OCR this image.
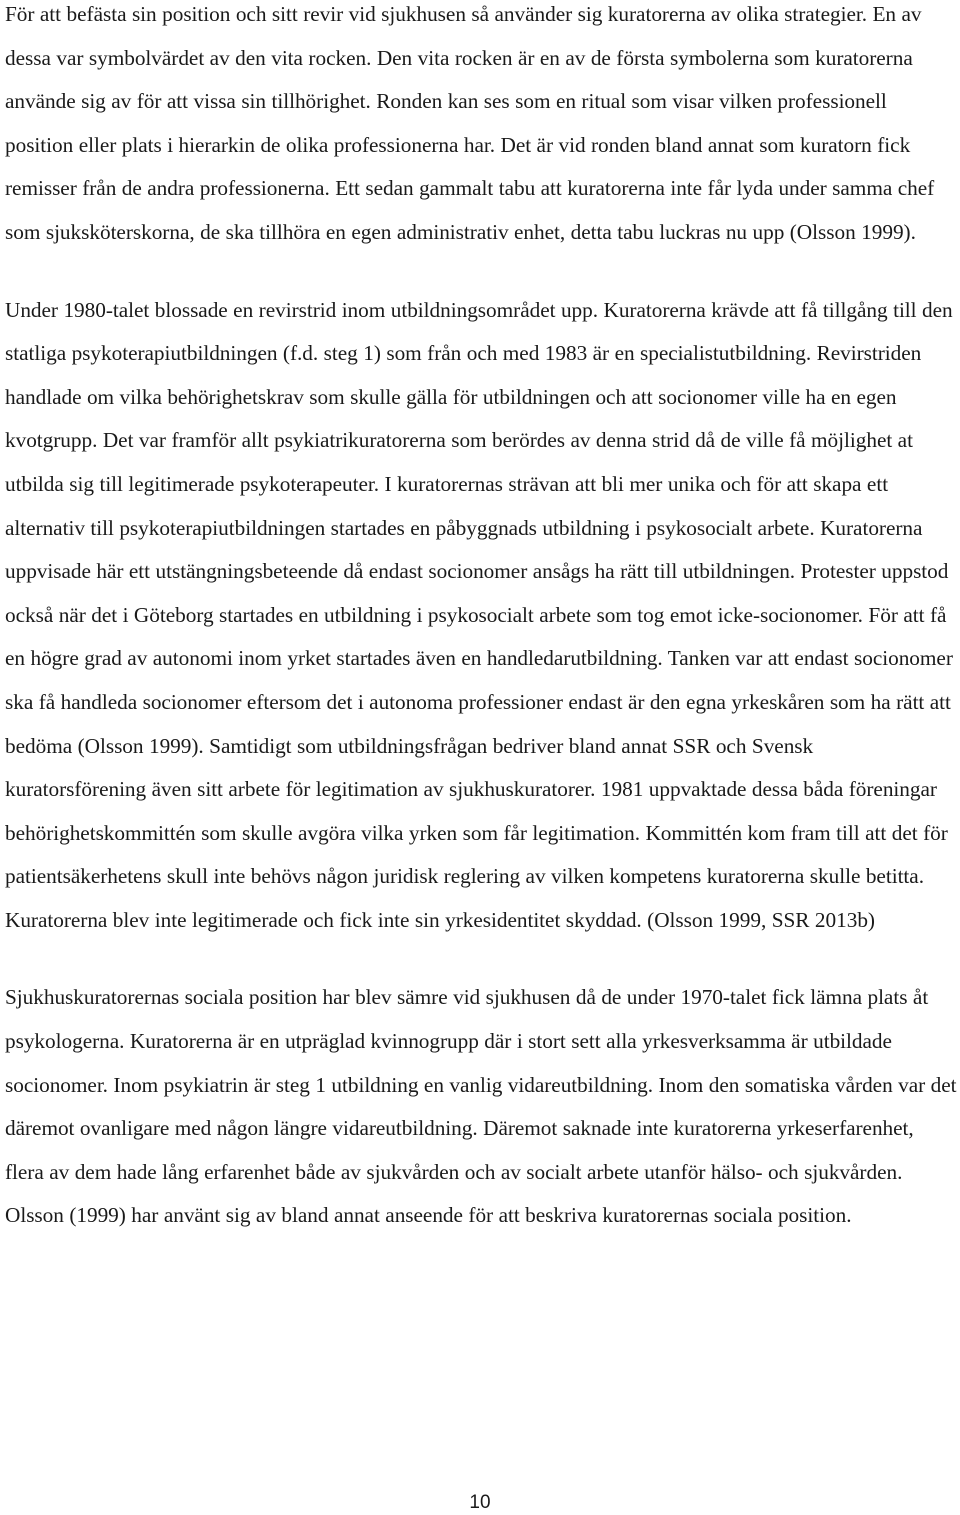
För att befästa sin position och sitt revir vid sjukhusen så använder sig kuratorerna av olika strategier. En av dessa var symbolvärdet av den vita rocken. Den vita rocken är en av de första symbolerna som kuratorerna använde sig av för att vissa sin tillhörighet. Ronden kan ses som en ritual som visar vilken professionell position eller plats i hierarkin de olika professionerna har. Det är vid ronden bland annat som kuratorn fick remisser från de andra professionerna. Ett sedan gammalt tabu att kuratorerna inte får lyda under samma chef som sjuksköterskorna, de ska tillhöra en egen administrativ enhet, detta tabu luckras nu upp (Olsson 1999).

Under 1980-talet blossade en revirstrid inom utbildningsområdet upp. Kuratorerna krävde att få tillgång till den statliga psykoterapiutbildningen (f.d. steg 1) som från och med 1983 är en specialistutbildning. Revirstriden handlade om vilka behörighetskrav som skulle gälla för utbildningen och att socionomer ville ha en egen kvotgrupp. Det var framför allt psykiatrikuratorerna som berördes av denna strid då de ville få möjlighet at utbilda sig till legitimerade psykoterapeuter. I kuratorernas strävan att bli mer unika och för att skapa ett alternativ till psykoterapiutbildningen startades en påbyggnads utbildning i psykosocialt arbete. Kuratorerna uppvisade här ett utstängningsbeteende då endast socionomer ansågs ha rätt till utbildningen. Protester uppstod också när det i Göteborg startades en utbildning i psykosocialt arbete som tog emot icke-socionomer. För att få en högre grad av autonomi inom yrket startades även en handledarutbildning. Tanken var att endast socionomer ska få handleda socionomer eftersom det i autonoma professioner endast är den egna yrkeskåren som ha rätt att bedöma (Olsson 1999). Samtidigt som utbildningsfrågan bedriver bland annat SSR och Svensk kuratorsförening även sitt arbete för legitimation av sjukhuskuratorer. 1981 uppvaktade dessa båda föreningar behörighetskommittén som skulle avgöra vilka yrken som får legitimation. Kommittén kom fram till att det för patientsäkerhetens skull inte behövs någon juridisk reglering av vilken kompetens kuratorerna skulle betitta. Kuratorerna blev inte legitimerade och fick inte sin yrkesidentitet skyddad. (Olsson 1999, SSR 2013b)

Sjukhuskuratorernas sociala position har blev sämre vid sjukhusen då de under 1970-talet fick lämna plats åt psykologerna. Kuratorerna är en utpräglad kvinnogrupp där i stort sett alla yrkesverksamma är utbildade socionomer. Inom psykiatrin är steg 1 utbildning en vanlig vidareutbildning. Inom den somatiska vården var det däremot ovanligare med någon längre vidareutbildning. Däremot saknade inte kuratorerna yrkeserfarenhet, flera av dem hade lång erfarenhet både av sjukvården och av socialt arbete utanför hälso- och sjukvården. Olsson (1999) har använt sig av bland annat anseende för att beskriva kuratorernas sociala position.

10
